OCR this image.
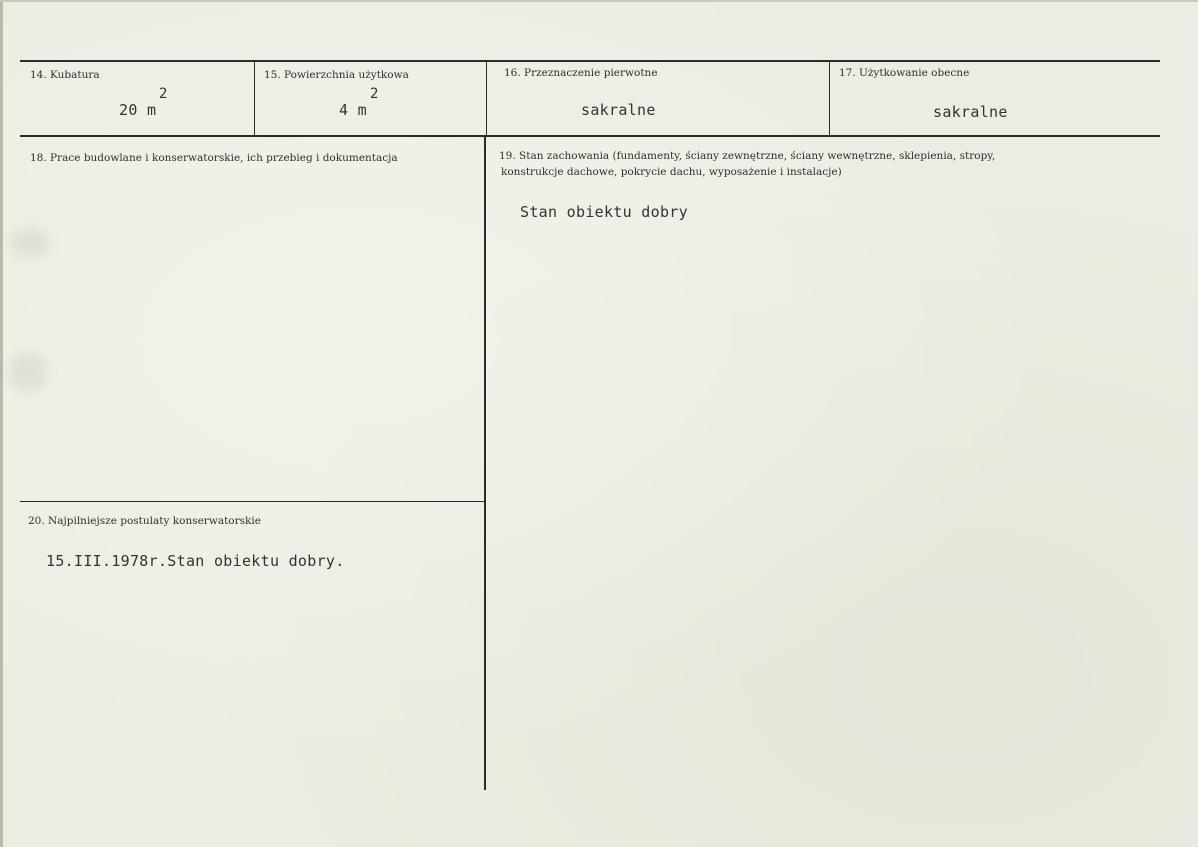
14. Kubatura
20 m
2
15. Powierzchnia użytkowa
4 m
2
16. Przeznaczenie pierwotne
sakralne
17. Użytkowanie obecne
sakralne
18. Prace budowlane i konserwatorskie, ich przebieg i dokumentacja	19. Stan zachowania (fundamenty, ściany zewnętrzne, ściany wewnętrzne, sklepienia, stropy,
konstrukcje dachowe, pokrycie dachu, wyposażenie i instalacje)
Stan obiektu dobry
20. Najpilniejsze postulaty konserwatorskie
15.III.1978r.Stan obiektu dobry.
